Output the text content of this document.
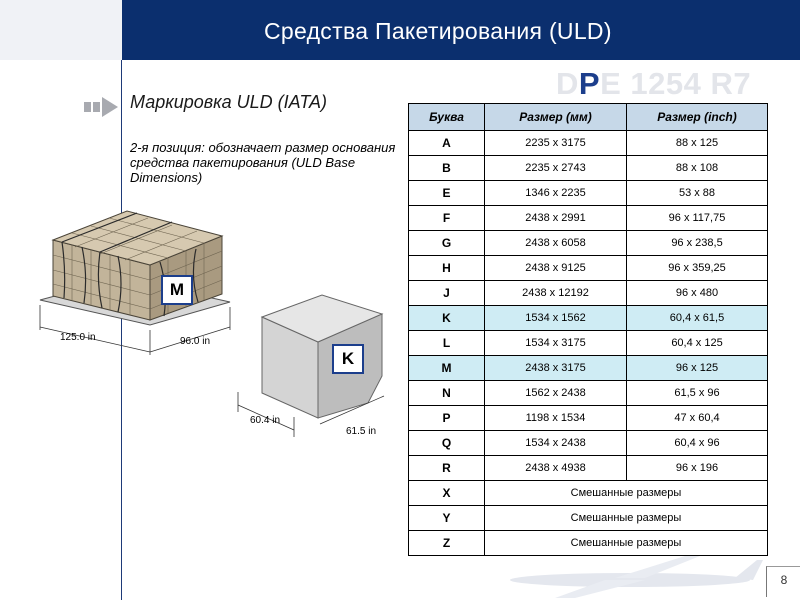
Средства Пакетирования (ULD)
DPE 1254 R7
Маркировка ULD (IATA)
2-я позиция: обозначает размер основания средства пакетирования (ULD Base Dimensions)
M
125.0 in	96.0 in
K
60.4 in
61.5 in
Буква	Размер (мм)	Размер (inch)
A	2235 x 3175	88 x 125
B	2235 x 2743	88 x 108
E	1346 x 2235	53 x 88
F	2438 x 2991	96 x 117,75
G	2438 x 6058	96 x 238,5
H	2438 x 9125	96 x 359,25
J	2438 x 12192	96 x 480
K	1534 x 1562	60,4 x 61,5
L	1534 x 3175	60,4 x 125
M	2438 x 3175	96 x 125
N	1562 x 2438	61,5 x 96
P	1198 x 1534	47 x 60,4
Q	1534 x 2438	60,4 x 96
R	2438 x 4938	96 x 196
X	Смешанные размеры	
Y	Смешанные размеры	
Z	Смешанные размеры	
8
